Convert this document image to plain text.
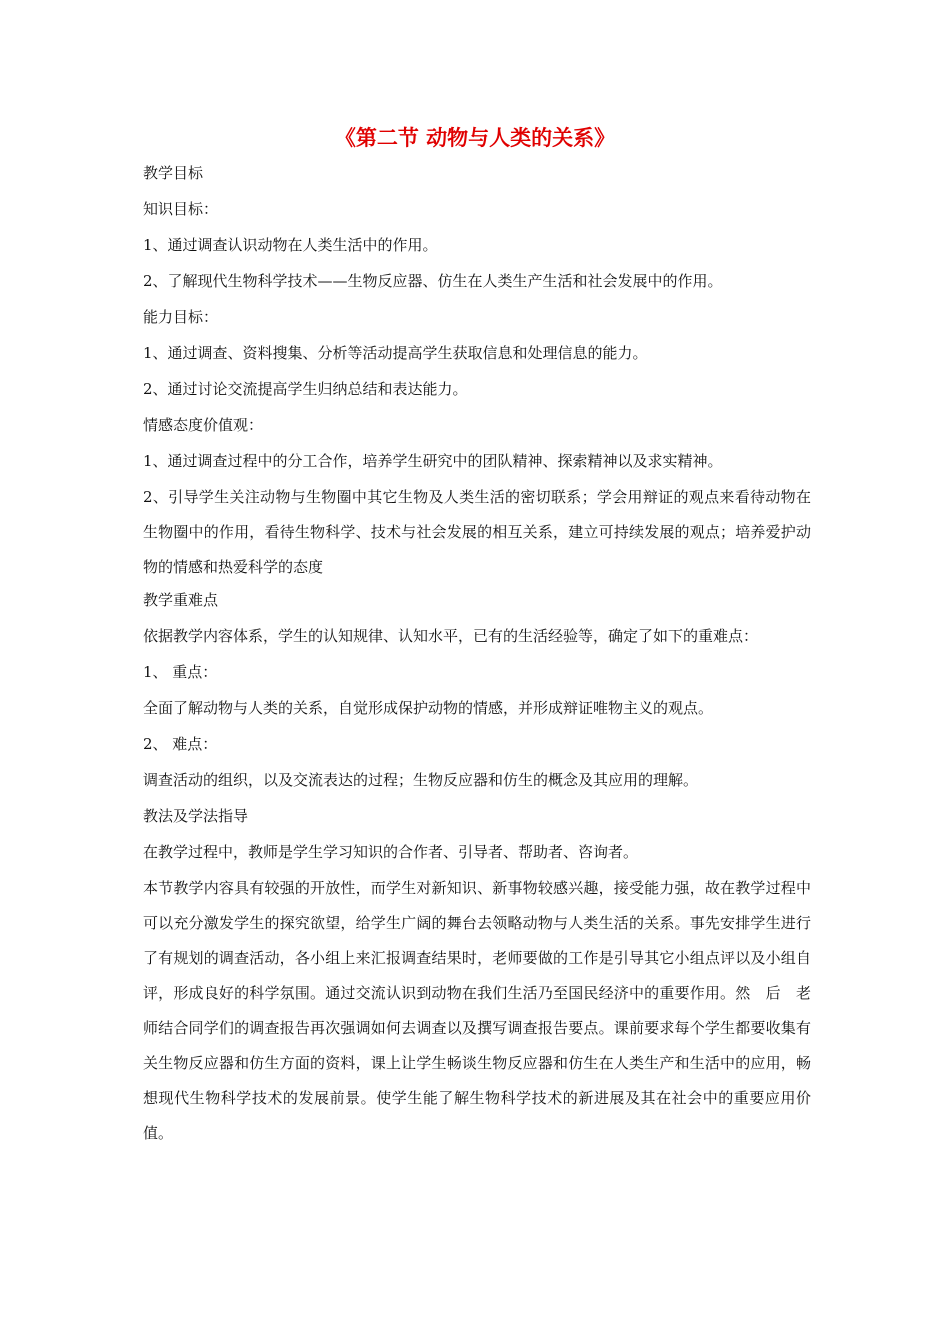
《第二节 动物与人类的关系》

教学目标

知识目标：

1、通过调查认识动物在人类生活中的作用。

2、了解现代生物科学技术——生物反应器、仿生在人类生产生活和社会发展中的作用。

能力目标：

1、通过调查、资料搜集、分析等活动提高学生获取信息和处理信息的能力。

2、通过讨论交流提高学生归纳总结和表达能力。

情感态度价值观：

1、通过调查过程中的分工合作，培养学生研究中的团队精神、探索精神以及求实精神。

2、引导学生关注动物与生物圈中其它生物及人类生活的密切联系；学会用辩证的观点来看待动物在生物圈中的作用，看待生物科学、技术与社会发展的相互关系，建立可持续发展的观点；培养爱护动物的情感和热爱科学的态度

教学重难点

依据教学内容体系，学生的认知规律、认知水平，已有的生活经验等，确定了如下的重难点：

1、 重点：

全面了解动物与人类的关系，自觉形成保护动物的情感，并形成辩证唯物主义的观点。

2、 难点：

调查活动的组织，以及交流表达的过程；生物反应器和仿生的概念及其应用的理解。

教法及学法指导

在教学过程中，教师是学生学习知识的合作者、引导者、帮助者、咨询者。

本节教学内容具有较强的开放性，而学生对新知识、新事物较感兴趣，接受能力强，故在教学过程中可以充分激发学生的探究欲望，给学生广阔的舞台去领略动物与人类生活的关系。事先安排学生进行了有规划的调查活动，各小组上来汇报调查结果时，老师要做的工作是引导其它小组点评以及小组自评，形成良好的科学氛围。通过交流认识到动物在我们生活乃至国民经济中的重要作用。然　后　老师结合同学们的调查报告再次强调如何去调查以及撰写调查报告要点。课前要求每个学生都要收集有关生物反应器和仿生方面的资料，课上让学生畅谈生物反应器和仿生在人类生产和生活中的应用，畅想现代生物科学技术的发展前景。使学生能了解生物科学技术的新进展及其在社会中的重要应用价值。
